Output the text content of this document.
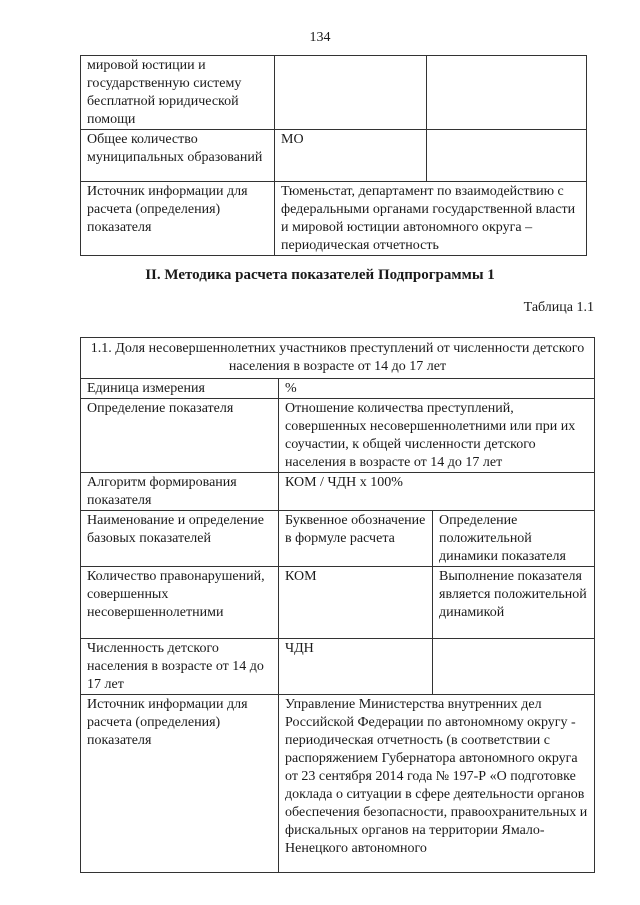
134
мировой юстиции и государственную систему бесплатной юридической помощи		
Общее количество муниципальных образований	МО	
Источник информации для расчета (определения) показателя	Тюменьстат, департамент по взаимодействию с федеральными органами государственной власти и мировой юстиции автономного округа – периодическая отчетность	
II. Методика расчета показателей Подпрограммы 1
Таблица 1.1
1.1. Доля несовершеннолетних участников преступлений от численности детского населения в возрасте от 14 до 17 лет		
Единица измерения	%	
Определение показателя	Отношение количества преступлений, совершенных несовершеннолетними или при их соучастии, к общей численности детского населения в возрасте от 14 до 17 лет	
Алгоритм формирования показателя	КОМ / ЧДН х 100%	
Наименование и определение базовых показателей	Буквенное обозначение в формуле расчета	Определение положительной динамики показателя
Количество правонарушений, совершенных несовершеннолетними	КОМ	Выполнение показателя является положительной динамикой
Численность детского населения в возрасте от 14 до 17 лет	ЧДН	
Источник информации для расчета (определения) показателя	Управление Министерства внутренних дел Российской Федерации по автономному округу - периодическая отчетность (в соответствии с распоряжением Губернатора автономного округа от 23 сентября 2014 года № 197-Р «О подготовке доклада о ситуации в сфере деятельности органов обеспечения безопасности, правоохранительных и фискальных органов на территории Ямало-Ненецкого автономного	
